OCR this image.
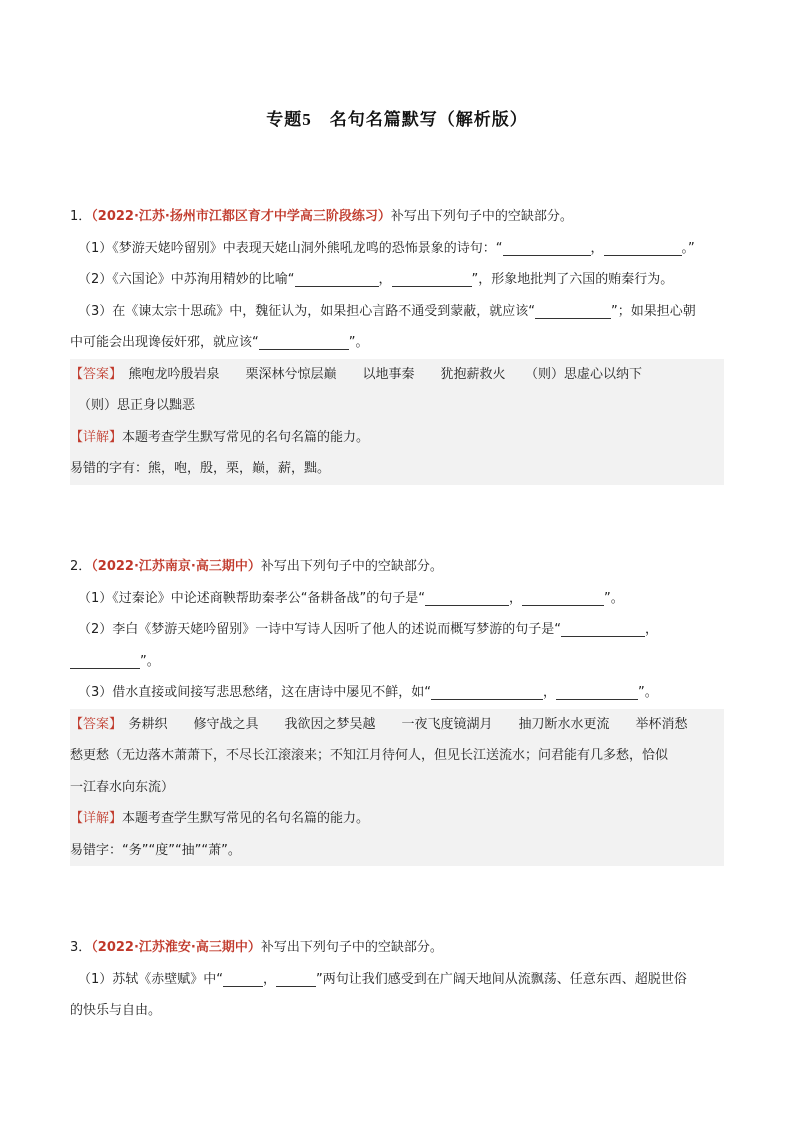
专题5 名句名篇默写（解析版）
1．（2022·江苏·扬州市江都区育才中学高三阶段练习）补写出下列句子中的空缺部分。
（1）《梦游天姥吟留别》中表现天姥山洞外熊吼龙鸣的恐怖景象的诗句：“	，	。”
（2）《六国论》中苏洵用精妙的比喻“	，	”，形象地批判了六国的贿秦行为。
（3）在《谏太宗十思疏》中，魏征认为，如果担心言路不通受到蒙蔽，就应该“	”；如果担心朝
中可能会出现谗佞奸邪，就应该“	”。
【答案】　 熊咆龙吟殷岩泉　　栗深林兮惊层巅　　以地事秦　　犹抱薪救火　　（则）思虚心以纳下
（则）思正身以黜恶
【详解】本题考查学生默写常见的名句名篇的能力。
易错的字有：熊，咆，殷，栗，巅，薪，黜。
2．（2022·江苏南京·高三期中）补写出下列句子中的空缺部分。
（1）《过秦论》中论述商鞅帮助秦孝公“备耕备战”的句子是“	，	”。
（2）李白《梦游天姥吟留别》一诗中写诗人因听了他人的述说而概写梦游的句子是“	，
”。
（3）借水直接或间接写悲思愁绪，这在唐诗中屡见不鲜，如“	，	”。
【答案】　 务耕织　　修守战之具　　我欲因之梦吴越　　一夜飞度镜湖月　　抽刀断水水更流　　举杯消愁
愁更愁（无边落木萧萧下，不尽长江滚滚来；不知江月待何人，但见长江送流水；问君能有几多愁，恰似
一江春水向东流）
【详解】本题考查学生默写常见的名句名篇的能力。
易错字：“务”“度”“抽”“萧”。
3．（2022·江苏淮安·高三期中）补写出下列句子中的空缺部分。
（1）苏轼《赤壁赋》中“	，	”两句让我们感受到在广阔天地间从流飘荡、任意东西、超脱世俗
的快乐与自由。
